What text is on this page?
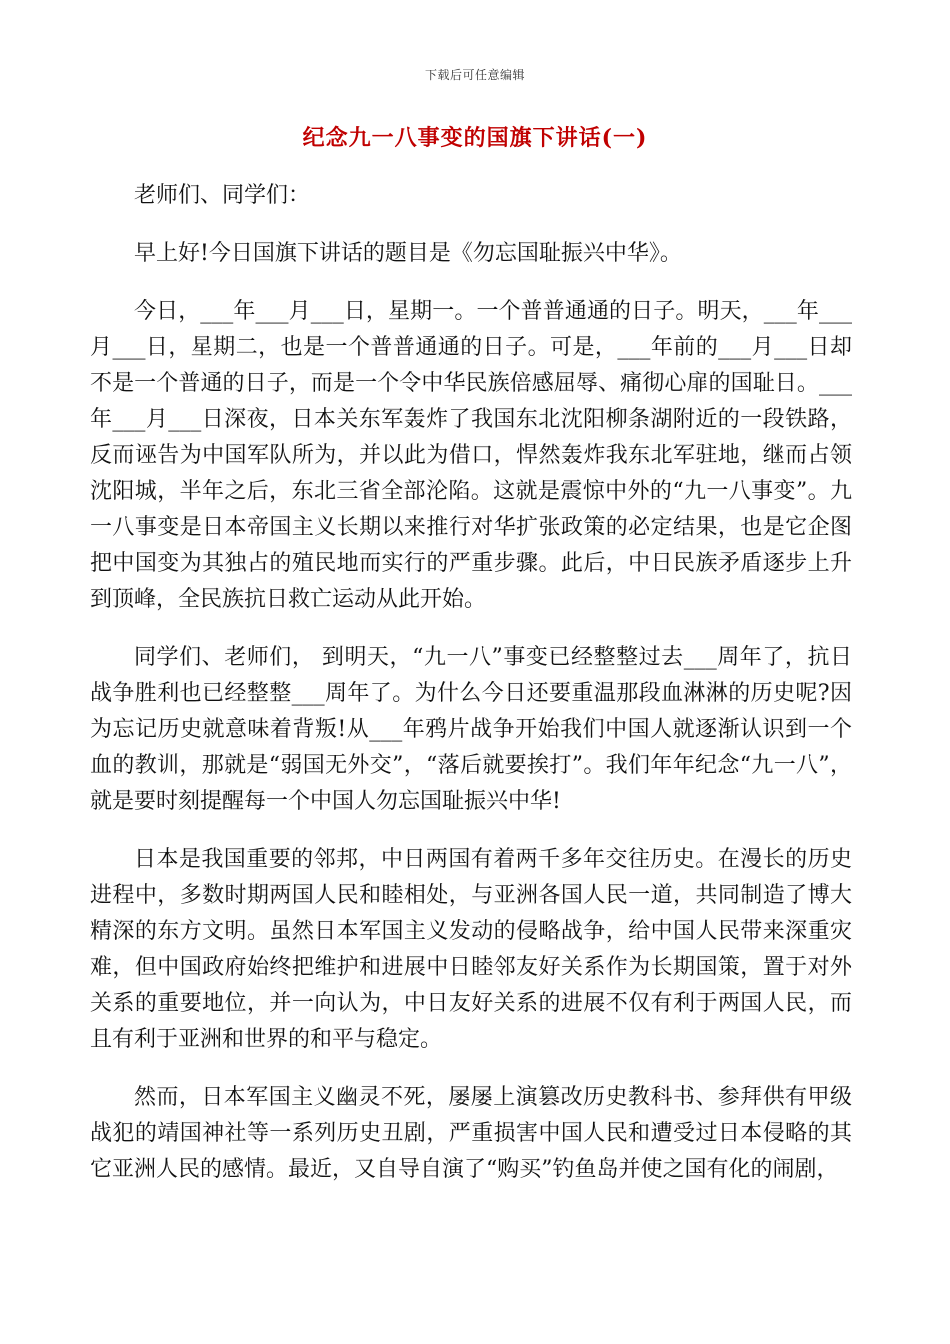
下载后可任意编辑
纪念九一八事变的国旗下讲话(一)

老师们、同学们：

早上好!今日国旗下讲话的题目是《勿忘国耻振兴中华》。

今日，___年___月___日，星期一。一个普普通通的日子。明天，___年___月___日，星期二，也是一个普普通通的日子。可是，___年前的___月___日却不是一个普通的日子，而是一个令中华民族倍感屈辱、痛彻心扉的国耻日。___年___月___日深夜，日本关东军轰炸了我国东北沈阳柳条湖附近的一段铁路，反而诬告为中国军队所为，并以此为借口，悍然轰炸我东北军驻地，继而占领沈阳城，半年之后，东北三省全部沦陷。这就是震惊中外的“九一八事变”。九一八事变是日本帝国主义长期以来推行对华扩张政策的必定结果，也是它企图把中国变为其独占的殖民地而实行的严重步骤。此后，中日民族矛盾逐步上升到顶峰，全民族抗日救亡运动从此开始。

同学们、老师们， 到明天，“九一八”事变已经整整过去___周年了，抗日战争胜利也已经整整___周年了。为什么今日还要重温那段血淋淋的历史呢?因为忘记历史就意味着背叛!从___年鸦片战争开始我们中国人就逐渐认识到一个血的教训，那就是“弱国无外交”，“落后就要挨打”。我们年年纪念“九一八”，就是要时刻提醒每一个中国人勿忘国耻振兴中华!

日本是我国重要的邻邦，中日两国有着两千多年交往历史。在漫长的历史进程中，多数时期两国人民和睦相处，与亚洲各国人民一道，共同制造了博大精深的东方文明。虽然日本军国主义发动的侵略战争，给中国人民带来深重灾难，但中国政府始终把维护和进展中日睦邻友好关系作为长期国策，置于对外关系的重要地位，并一向认为，中日友好关系的进展不仅有利于两国人民，而且有利于亚洲和世界的和平与稳定。

然而，日本军国主义幽灵不死，屡屡上演篡改历史教科书、参拜供有甲级战犯的靖国神社等一系列历史丑剧，严重损害中国人民和遭受过日本侵略的其它亚洲人民的感情。最近，又自导自演了“购买”钓鱼岛并使之国有化的闹剧，
